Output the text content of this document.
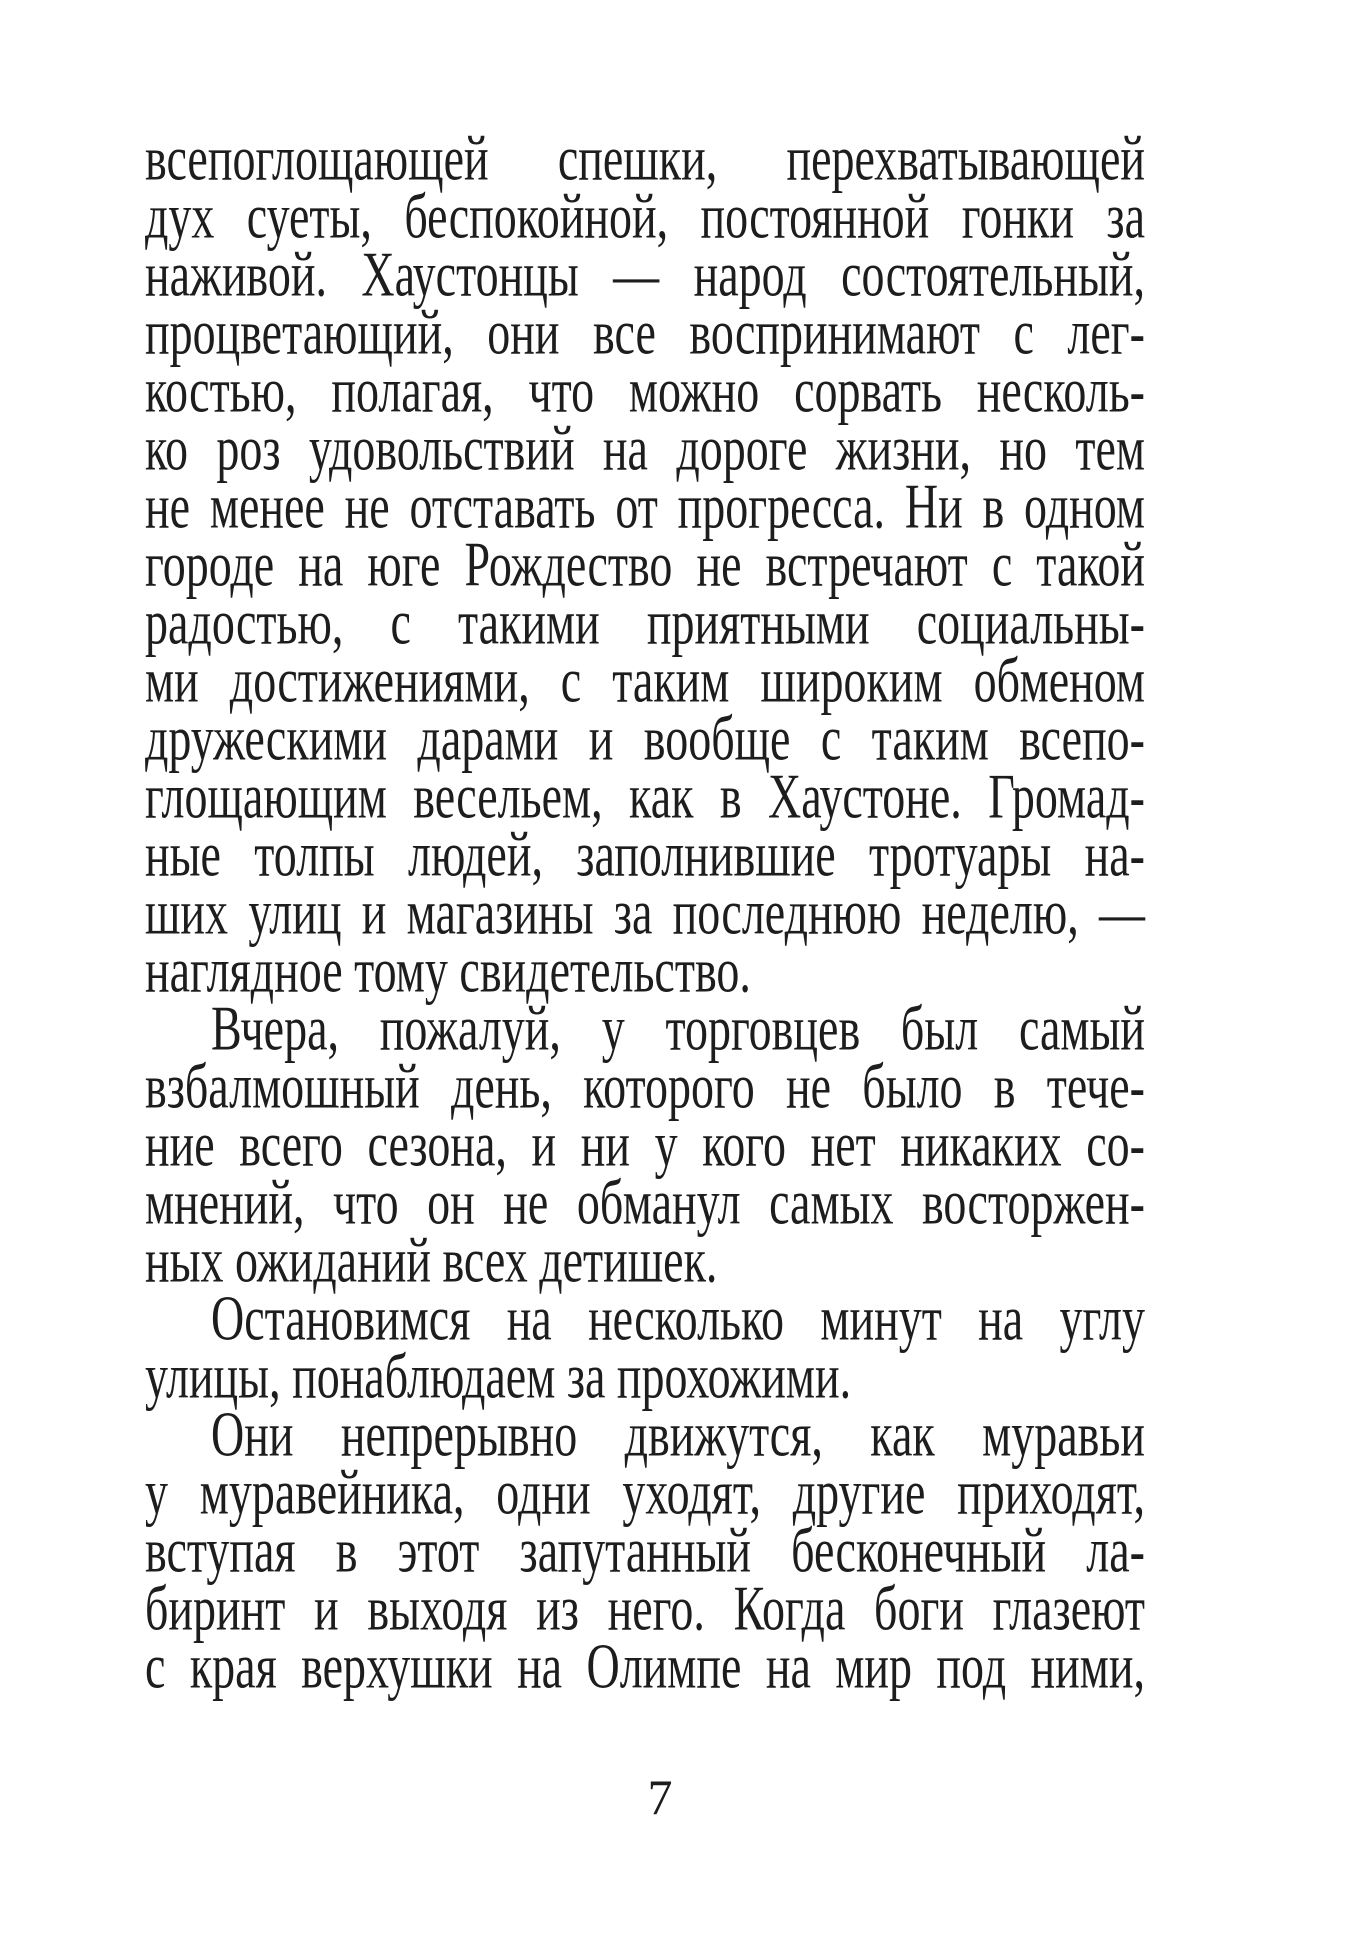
всепоглощающей спешки, перехватывающей
дух суеты, беспокойной, постоянной гонки за
наживой. Хаустонцы — народ состоятельный,
процветающий, они все воспринимают с лег-
костью, полагая, что можно сорвать несколь-
ко роз удовольствий на дороге жизни, но тем
не менее не отставать от прогресса. Ни в одном
городе на юге Рождество не встречают с такой
радостью, с такими приятными социальны-
ми достижениями, с таким широким обменом
дружескими дарами и вообще с таким всепо-
глощающим весельем, как в Хаустоне. Громад-
ные толпы людей, заполнившие тротуары на-
ших улиц и магазины за последнюю неделю, —
наглядное тому свидетельство.
Вчера, пожалуй, у торговцев был самый
взбалмошный день, которого не было в тече-
ние всего сезона, и ни у кого нет никаких со-
мнений, что он не обманул самых восторжен-
ных ожиданий всех детишек.
Остановимся на несколько минут на углу
улицы, понаблюдаем за прохожими.
Они непрерывно движутся, как муравьи
у муравейника, одни уходят, другие приходят,
вступая в этот запутанный бесконечный ла-
биринт и выходя из него. Когда боги глазеют
с края верхушки на Олимпе на мир под ними,
7
